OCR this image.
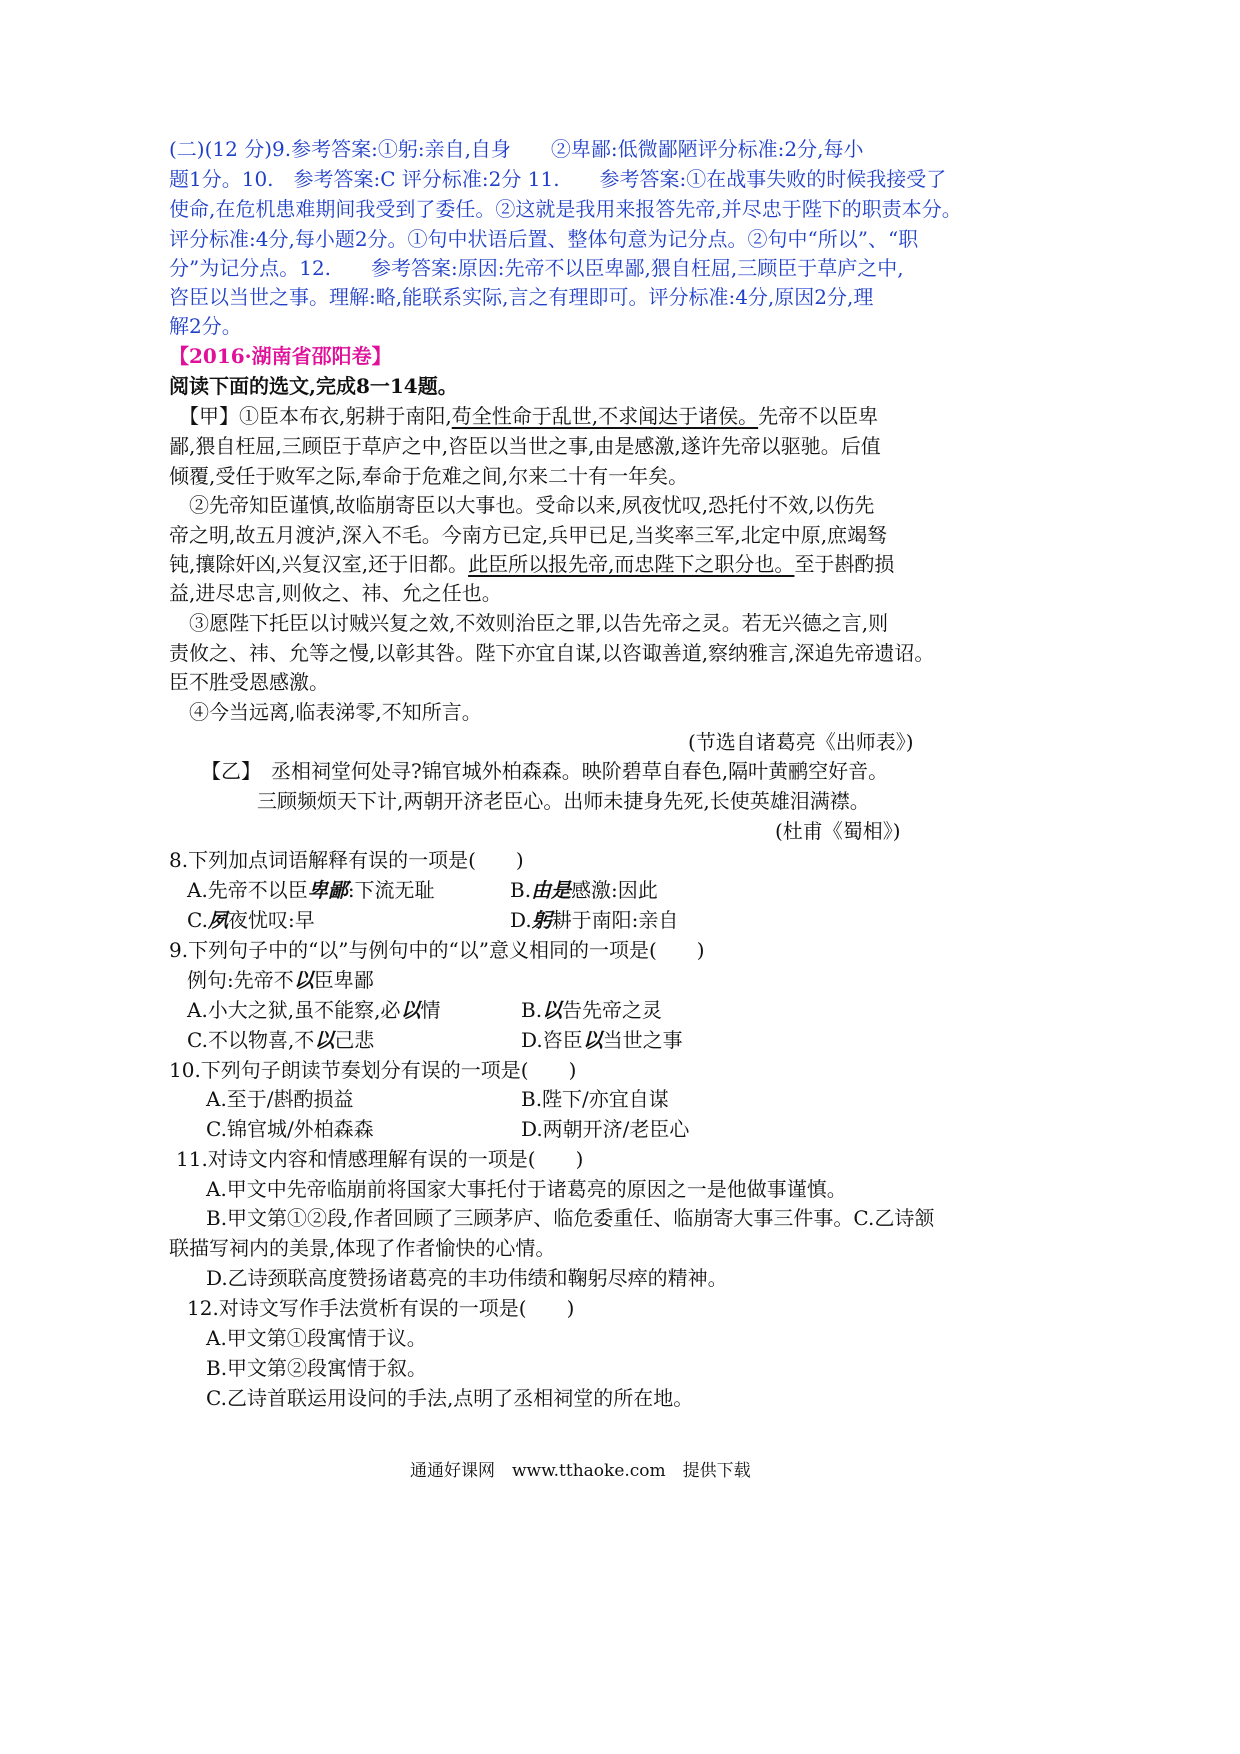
(二)(12 分)9.参考答案:①躬:亲自,自身　　②卑鄙:低微鄙陋评分标准:2分,每小
题1分。10.　参考答案:C 评分标准:2分 11.　　参考答案:①在战事失败的时候我接受了
使命,在危机患难期间我受到了委任。②这就是我用来报答先帝,并尽忠于陛下的职责本分。
评分标准:4分,每小题2分。①句中状语后置、整体句意为记分点。②句中“所以”、“职
分”为记分点。12.　　参考答案:原因:先帝不以臣卑鄙,猥自枉屈,三顾臣于草庐之中,
咨臣以当世之事。理解:略,能联系实际,言之有理即可。评分标准:4分,原因2分,理
解2分。
【2016·湖南省邵阳卷】
阅读下面的选文,完成8一14题。
　【甲】①臣本布衣,躬耕于南阳,苟全性命于乱世,不求闻达于诸侯。先帝不以臣卑
鄙,猥自枉屈,三顾臣于草庐之中,咨臣以当世之事,由是感激,遂许先帝以驱驰。后值
倾覆,受任于败军之际,奉命于危难之间,尔来二十有一年矣。
　②先帝知臣谨慎,故临崩寄臣以大事也。受命以来,夙夜忧叹,恐托付不效,以伤先
帝之明,故五月渡泸,深入不毛。今南方已定,兵甲已足,当奖率三军,北定中原,庶竭驽
钝,攘除奸凶,兴复汉室,还于旧都。此臣所以报先帝,而忠陛下之职分也。至于斟酌损
益,进尽忠言,则攸之、祎、允之任也。
　③愿陛下托臣以讨贼兴复之效,不效则治臣之罪,以告先帝之灵。若无兴德之言,则
责攸之、祎、允等之慢,以彰其咎。陛下亦宜自谋,以咨诹善道,察纳雅言,深追先帝遗诏。
臣不胜受恩感激。
　④今当远离,临表涕零,不知所言。
(节选自诸葛亮《出师表》)
【乙】　丞相祠堂何处寻?锦官城外柏森森。映阶碧草自春色,隔叶黄鹂空好音。
三顾频烦天下计,两朝开济老臣心。出师未捷身先死,长使英雄泪满襟。
(杜甫《蜀相》)
8.下列加点词语解释有误的一项是(　　)
A.先帝不以臣卑鄙:下流无耻	B.由是感激:因此
C.夙夜忧叹:早	D.躬耕于南阳:亲自
9.下列句子中的“以”与例句中的“以”意义相同的一项是(　　)
例句:先帝不以臣卑鄙
A.小大之狱,虽不能察,必以情	B.以告先帝之灵
C.不以物喜,不以己悲	D.咨臣以当世之事
10.下列句子朗读节奏划分有误的一项是(　　)
A.至于/斟酌损益	B.陛下/亦宜自谋
C.锦官城/外柏森森	D.两朝开济/老臣心
11.对诗文内容和情感理解有误的一项是(　　)
A.甲文中先帝临崩前将国家大事托付于诸葛亮的原因之一是他做事谨慎。
B.甲文第①②段,作者回顾了三顾茅庐、临危委重任、临崩寄大事三件事。C.乙诗颔
联描写祠内的美景,体现了作者愉快的心情。
D.乙诗颈联高度赞扬诸葛亮的丰功伟绩和鞠躬尽瘁的精神。
12.对诗文写作手法赏析有误的一项是(　　)
A.甲文第①段寓情于议。
B.甲文第②段寓情于叙。
C.乙诗首联运用设问的手法,点明了丞相祠堂的所在地。
通通好课网　www.tthaoke.com　提供下载
